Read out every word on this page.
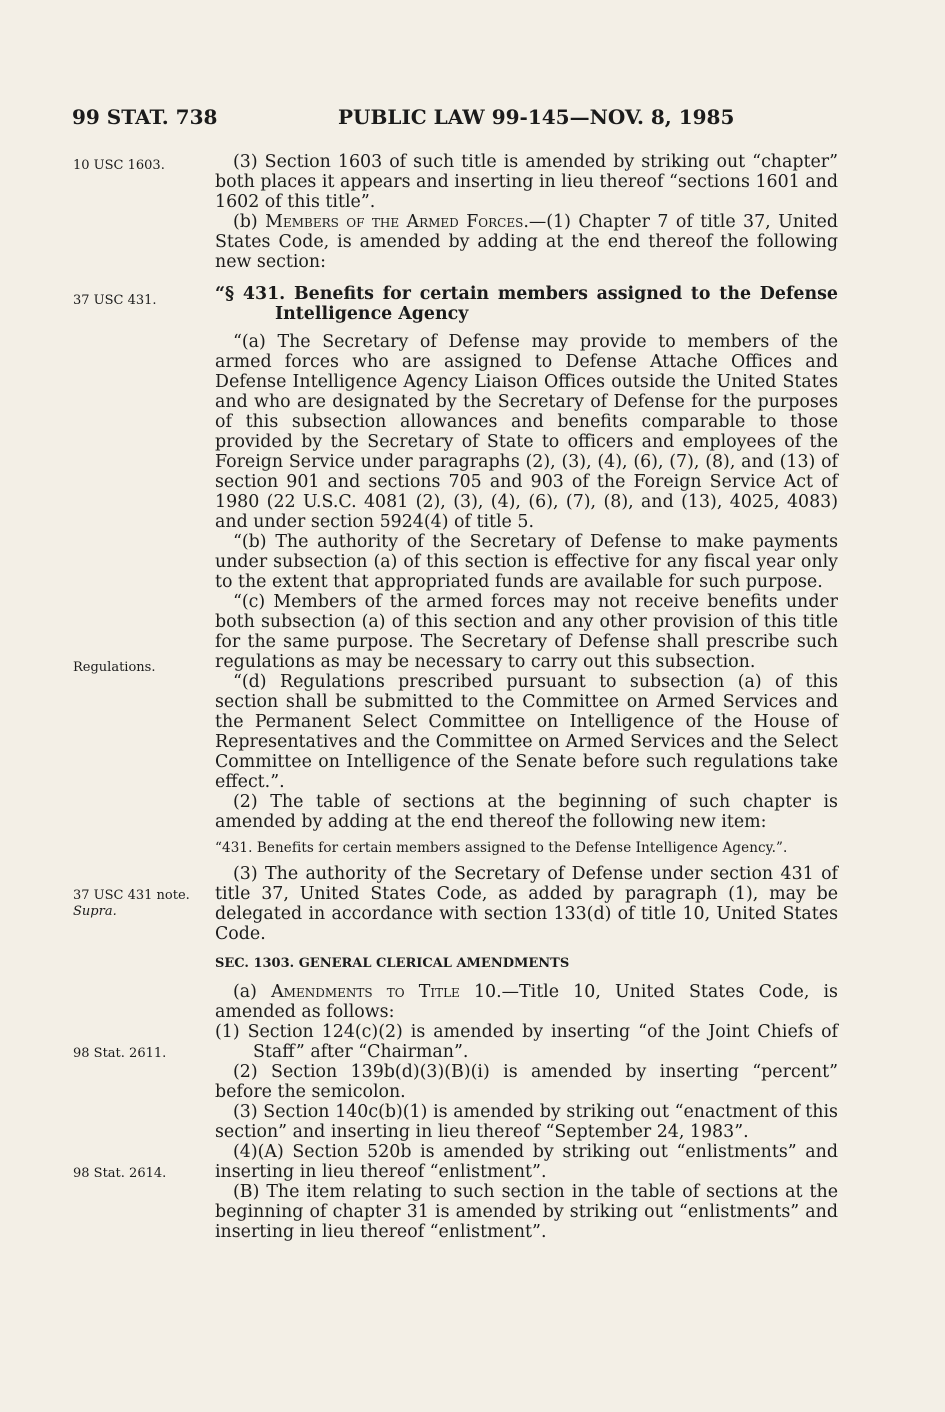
99 STAT. 738	PUBLIC LAW 99-145—NOV. 8, 1985
10 USC 1603.
37 USC 431.
Regulations.
37 USC 431 note.
Supra.
98 Stat. 2611.
98 Stat. 2614.

(3) Section 1603 of such title is amended by striking out “chapter” both places it appears and inserting in lieu thereof “sections 1601 and 1602 of this title”.

(b) Members of the Armed Forces.—(1) Chapter 7 of title 37, United States Code, is amended by adding at the end thereof the following new section:

“§ 431. Benefits for certain members assigned to the Defense Intelligence Agency

“(a) The Secretary of Defense may provide to members of the armed forces who are assigned to Defense Attache Offices and Defense Intelligence Agency Liaison Offices outside the United States and who are designated by the Secretary of Defense for the purposes of this subsection allowances and benefits comparable to those provided by the Secretary of State to officers and employees of the Foreign Service under paragraphs (2), (3), (4), (6), (7), (8), and (13) of section 901 and sections 705 and 903 of the Foreign Service Act of 1980 (22 U.S.C. 4081 (2), (3), (4), (6), (7), (8), and (13), 4025, 4083) and under section 5924(4) of title 5.

“(b) The authority of the Secretary of Defense to make payments under subsection (a) of this section is effective for any fiscal year only to the extent that appropriated funds are available for such purpose.

“(c) Members of the armed forces may not receive benefits under both subsection (a) of this section and any other provision of this title for the same purpose. The Secretary of Defense shall prescribe such regulations as may be necessary to carry out this subsection.

“(d) Regulations prescribed pursuant to subsection (a) of this section shall be submitted to the Committee on Armed Services and the Permanent Select Committee on Intelligence of the House of Representatives and the Committee on Armed Services and the Select Committee on Intelligence of the Senate before such regulations take effect.”.

(2) The table of sections at the beginning of such chapter is amended by adding at the end thereof the following new item:

“431. Benefits for certain members assigned to the Defense Intelligence Agency.”.

(3) The authority of the Secretary of Defense under section 431 of title 37, United States Code, as added by paragraph (1), may be delegated in accordance with section 133(d) of title 10, United States Code.

SEC. 1303. GENERAL CLERICAL AMENDMENTS

(a) Amendments to Title 10.—Title 10, United States Code, is amended as follows:

(1) Section 124(c)(2) is amended by inserting “of the Joint Chiefs of Staff” after “Chairman”.

(2) Section 139b(d)(3)(B)(i) is amended by inserting “percent” before the semicolon.

(3) Section 140c(b)(1) is amended by striking out “enactment of this section” and inserting in lieu thereof “September 24, 1983”.

(4)(A) Section 520b is amended by striking out “enlistments” and inserting in lieu thereof “enlistment”.

(B) The item relating to such section in the table of sections at the beginning of chapter 31 is amended by striking out “enlistments” and inserting in lieu thereof “enlistment”.
